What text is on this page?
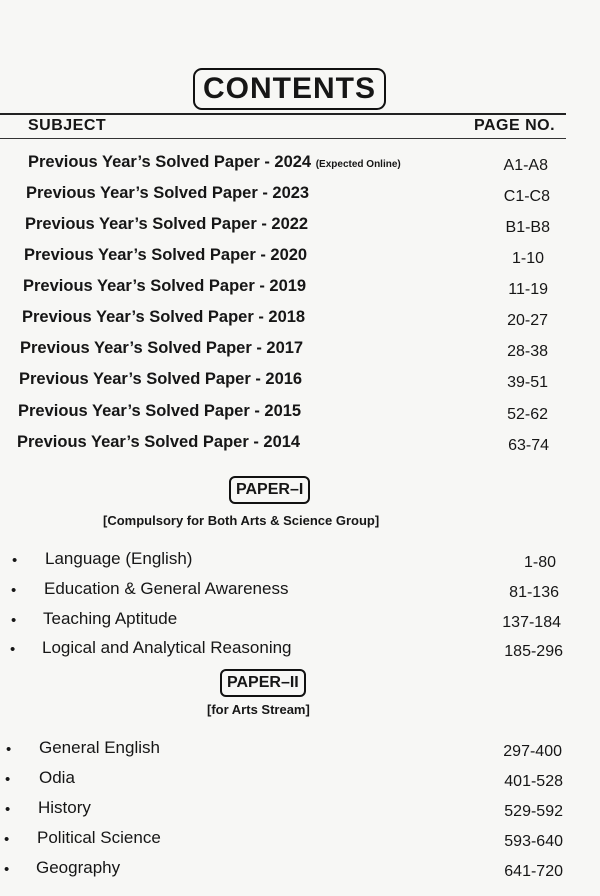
CONTENTS
SUBJECT	PAGE NO.
Previous Year’s Solved Paper - 2024 (Expected Online)	A1-A8
Previous Year’s Solved Paper - 2023	C1-C8
Previous Year’s Solved Paper - 2022	B1-B8
Previous Year’s Solved Paper - 2020	1-10
Previous Year’s Solved Paper - 2019	11-19
Previous Year’s Solved Paper - 2018	20-27
Previous Year’s Solved Paper - 2017	28-38
Previous Year’s Solved Paper - 2016	39-51
Previous Year’s Solved Paper - 2015	52-62
Previous Year’s Solved Paper - 2014	63-74
PAPER–I
[Compulsory for Both Arts & Science Group]
• Language (English)	1-80
• Education & General Awareness	81-136
• Teaching Aptitude	137-184
• Logical and Analytical Reasoning	185-296
PAPER–II
[for Arts Stream]
• General English	297-400
• Odia	401-528
• History	529-592
• Political Science	593-640
• Geography	641-720
